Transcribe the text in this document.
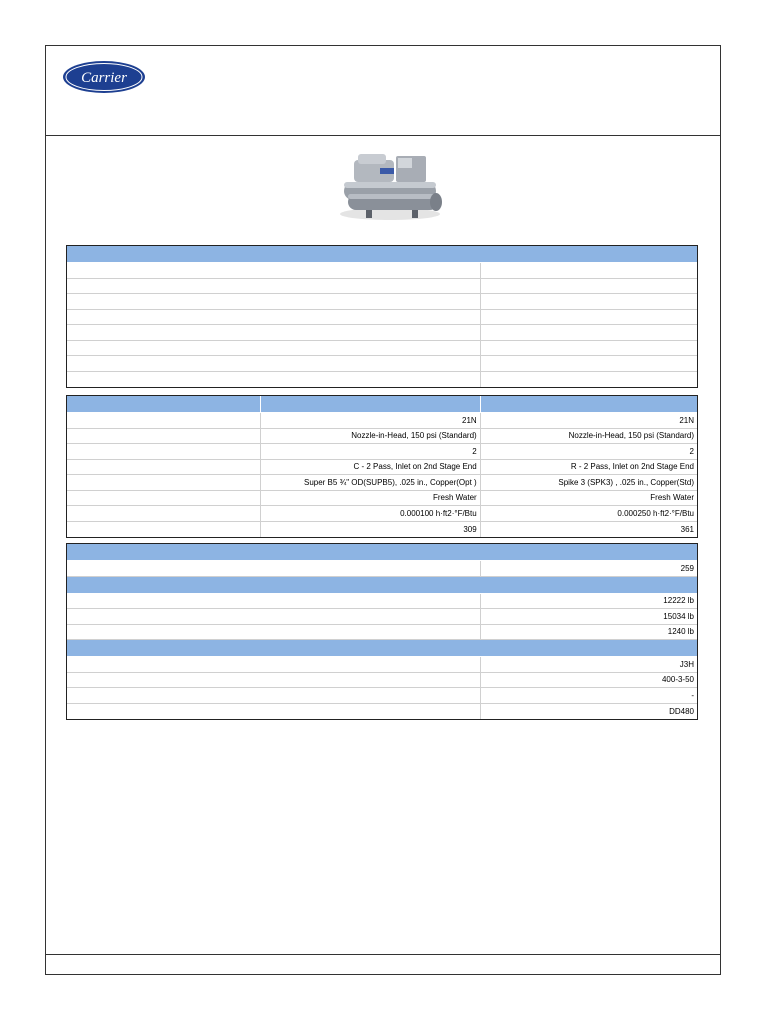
Carrier
21N	21N
Nozzle-in-Head, 150 psi (Standard)	Nozzle-in-Head, 150 psi (Standard)
2	2
C - 2 Pass, Inlet on 2nd Stage End	R - 2 Pass, Inlet on 2nd Stage End
Super B5 ¾" OD(SUPB5), .025 in., Copper(Opt )	Spike 3 (SPK3) , .025 in., Copper(Std)
Fresh Water	Fresh Water
0.000100 h·ft2·°F/Btu	0.000250 h·ft2·°F/Btu
309	361
259
12222 lb
15034 lb
1240 lb
J3H
400-3-50
-
DD480
